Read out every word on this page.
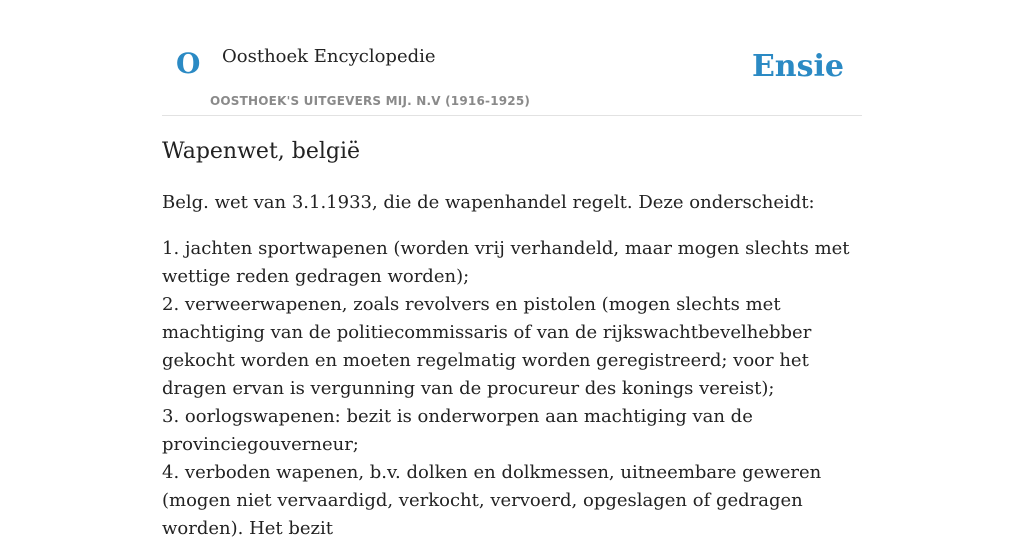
O Oosthoek Encyclopedie
OOSTHOEK'S UITGEVERS MIJ. N.V (1916-1925)
Ensie
Wapenwet, belgië

Belg. wet van 3.1.1933, die de wapenhandel regelt. Deze onderscheidt:

1. jachten sportwapenen (worden vrij verhandeld, maar mogen slechts met wettige reden gedragen worden);
2. verweerwapenen, zoals revolvers en pistolen (mogen slechts met machtiging van de politiecommissaris of van de rijkswachtbevelhebber gekocht worden en moeten regelmatig worden geregistreerd; voor het dragen ervan is vergunning van de procureur des konings vereist);
3. oorlogswapenen: bezit is onderworpen aan machtiging van de provinciegouverneur;
4. verboden wapenen, b.v. dolken en dolkmessen, uitneembare geweren (mogen niet vervaardigd, verkocht, vervoerd, opgeslagen of gedragen worden). Het bezit
